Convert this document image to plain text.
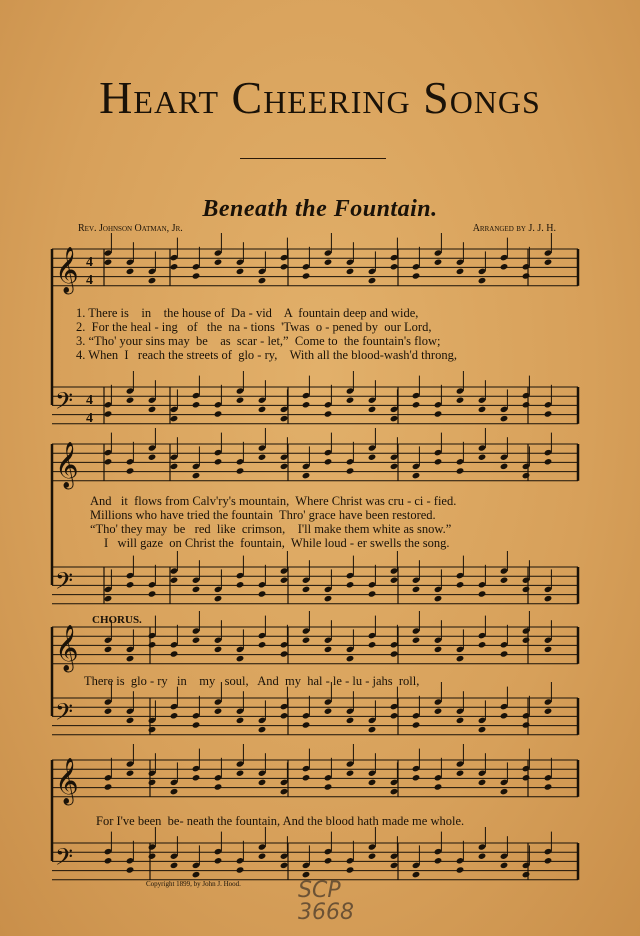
Heart Cheering Songs
Beneath the Fountain.
Rev. Johnson Oatman, Jr.	Arranged by J. J. H.
𝄞
𝄢
𝄞
𝄢
𝄞
𝄢
𝄞
𝄢
4
4
4
4
1. There is    in    the house of  Da - vid    A  fountain deep and wide,
2.  For the heal - ing   of   the  na - tions  'Twas  o - pened by  our Lord,
3. “Tho' your sins may  be    as  scar - let,”  Come to  the fountain's flow;
4. When  I   reach the streets of  glo - ry,    With all the blood-wash'd throng,
And   it  flows from Calv'ry's mountain,  Where Christ was cru - ci - fied.
Millions who have tried the fountain  Thro' grace have been restored.
“Tho' they may  be   red  like  crimson,    I'll make them white as snow.”
I   will gaze  on Christ the  fountain,  While loud - er swells the song.
CHORUS.
There is  glo - ry   in    my   soul,   And  my  hal - le - lu - jahs  roll,
For I've been  be- neath the fountain, And the blood hath made me whole.
Copyright 1899, by John J. Hood.	SCP
3668
